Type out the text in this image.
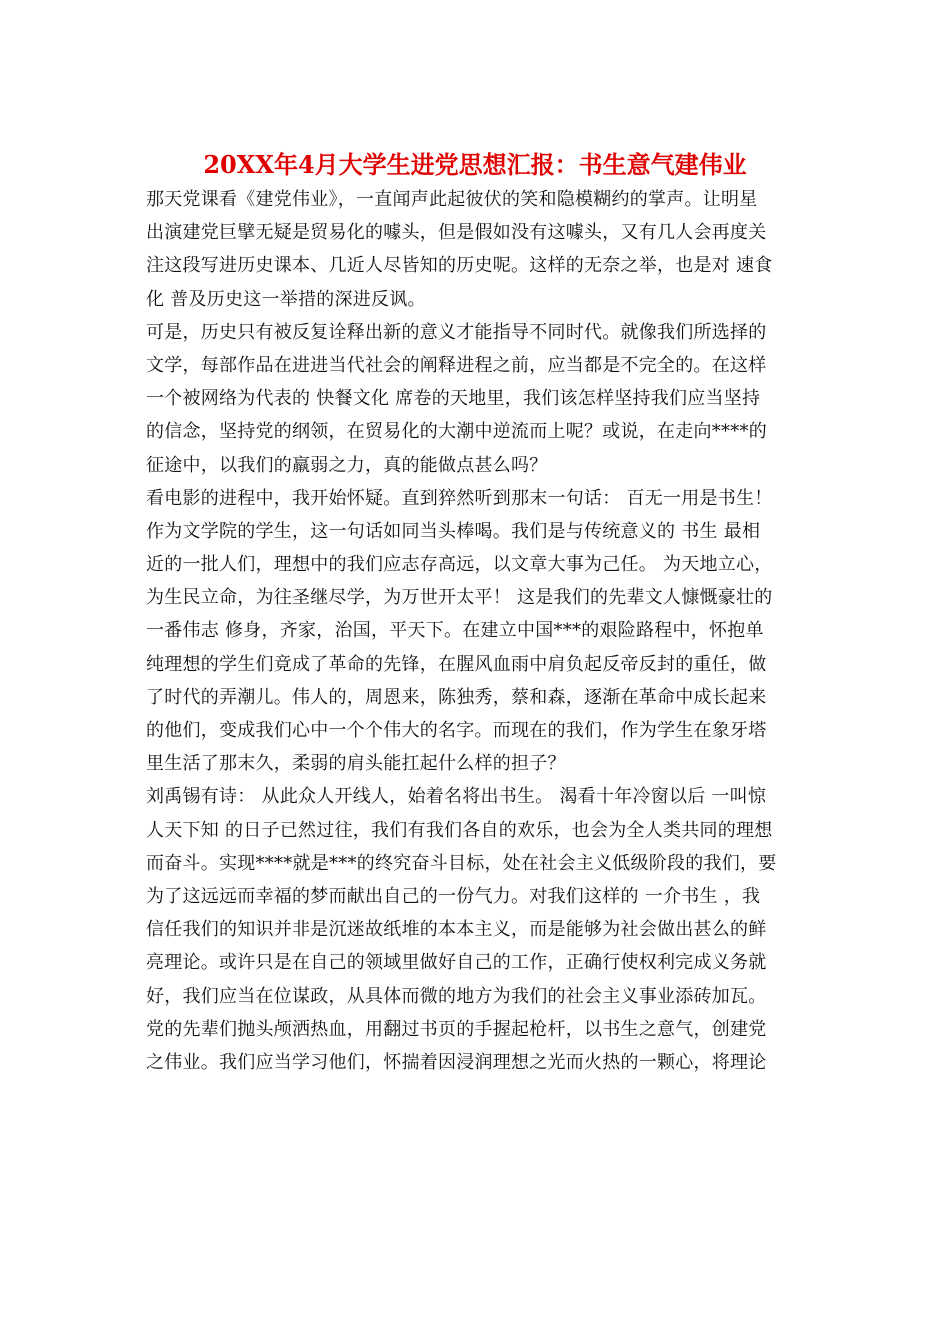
20XX年4月大学生进党思想汇报：书生意气建伟业
那天党课看《建党伟业》，一直闻声此起彼伏的笑和隐模糊约的掌声。让明星
出演建党巨擘无疑是贸易化的噱头，但是假如没有这噱头，又有几人会再度关
注这段写进历史课本、几近人尽皆知的历史呢。这样的无奈之举，也是对 速食
化 普及历史这一举措的深进反讽。
可是，历史只有被反复诠释出新的意义才能指导不同时代。就像我们所选择的
文学，每部作品在进进当代社会的阐释进程之前，应当都是不完全的。在这样
一个被网络为代表的 快餐文化 席卷的天地里，我们该怎样坚持我们应当坚持
的信念，坚持党的纲领，在贸易化的大潮中逆流而上呢？或说，在走向****的
征途中，以我们的羸弱之力，真的能做点甚么吗？
看电影的进程中，我开始怀疑。直到猝然听到那末一句话： 百无一用是书生！
作为文学院的学生，这一句话如同当头棒喝。我们是与传统意义的 书生 最相
近的一批人们，理想中的我们应志存高远，以文章大事为己任。 为天地立心，
为生民立命，为往圣继尽学，为万世开太平！ 这是我们的先辈文人慷慨豪壮的
一番伟志 修身，齐家，治国，平天下。在建立中国***的艰险路程中，怀抱单
纯理想的学生们竟成了革命的先锋，在腥风血雨中肩负起反帝反封的重任，做
了时代的弄潮儿。伟人的，周恩来，陈独秀，蔡和森，逐渐在革命中成长起来
的他们，变成我们心中一个个伟大的名字。而现在的我们，作为学生在象牙塔
里生活了那末久，柔弱的肩头能扛起什么样的担子？
刘禹锡有诗： 从此众人开线人，始着名将出书生。 渴看十年冷窗以后 一叫惊
人天下知 的日子已然过往，我们有我们各自的欢乐，也会为全人类共同的理想
而奋斗。实现****就是***的终究奋斗目标，处在社会主义低级阶段的我们，要
为了这远远而幸福的梦而献出自己的一份气力。对我们这样的 一介书生 ，我
信任我们的知识并非是沉迷故纸堆的本本主义，而是能够为社会做出甚么的鲜
亮理论。或许只是在自己的领域里做好自己的工作，正确行使权利完成义务就
好，我们应当在位谋政，从具体而微的地方为我们的社会主义事业添砖加瓦。
党的先辈们抛头颅洒热血，用翻过书页的手握起枪杆，以书生之意气，创建党
之伟业。我们应当学习他们，怀揣着因浸润理想之光而火热的一颗心，将理论
